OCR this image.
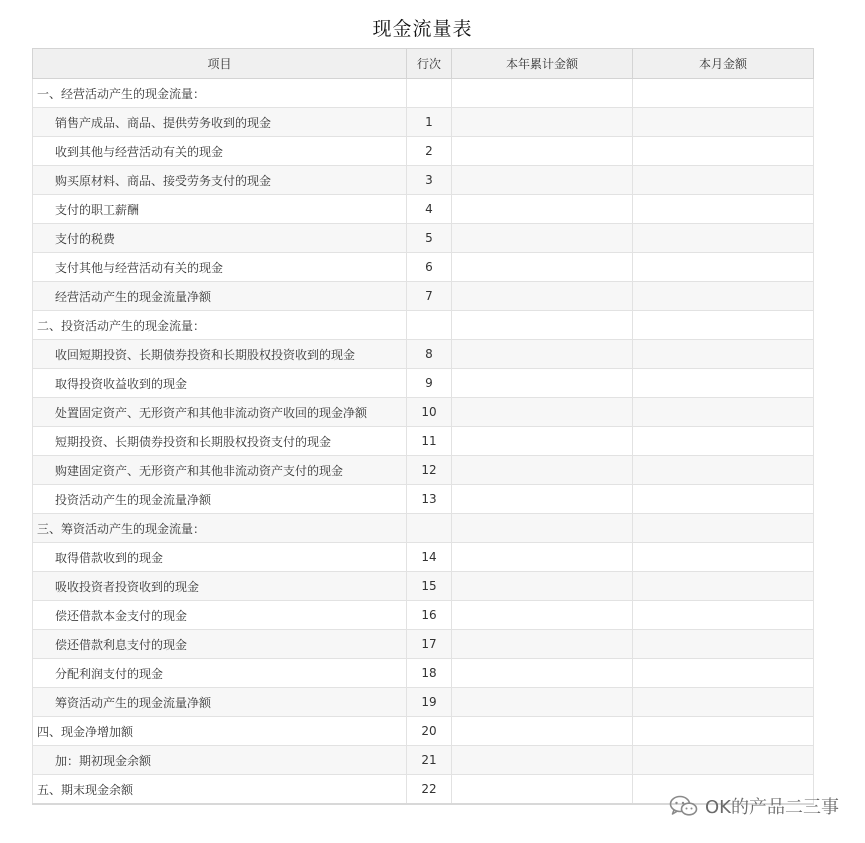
现金流量表
项目	行次	本年累计金额	本月金额
一、经营活动产生的现金流量：			
销售产成品、商品、提供劳务收到的现金	1		
收到其他与经营活动有关的现金	2		
购买原材料、商品、接受劳务支付的现金	3		
支付的职工薪酬	4		
支付的税费	5		
支付其他与经营活动有关的现金	6		
经营活动产生的现金流量净额	7		
二、投资活动产生的现金流量：			
收回短期投资、长期债券投资和长期股权投资收到的现金	8		
取得投资收益收到的现金	9		
处置固定资产、无形资产和其他非流动资产收回的现金净额	10		
短期投资、长期债券投资和长期股权投资支付的现金	11		
购建固定资产、无形资产和其他非流动资产支付的现金	12		
投资活动产生的现金流量净额	13		
三、筹资活动产生的现金流量：			
取得借款收到的现金	14		
吸收投资者投资收到的现金	15		
偿还借款本金支付的现金	16		
偿还借款利息支付的现金	17		
分配利润支付的现金	18		
筹资活动产生的现金流量净额	19		
四、现金净增加额	20		
加：期初现金余额	21		
五、期末现金余额	22		
OK的产品二三事
